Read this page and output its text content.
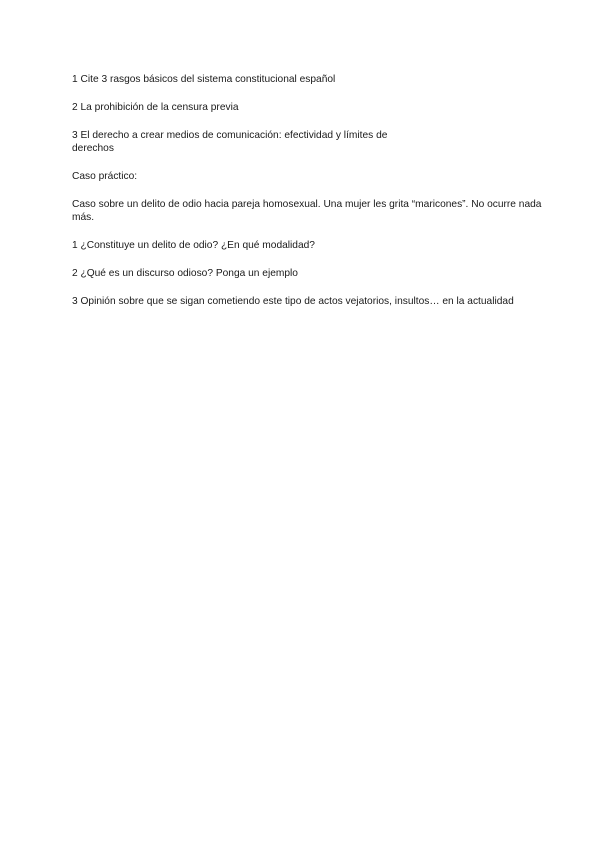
1 Cite 3 rasgos básicos del sistema constitucional español

2 La prohibición de la censura previa

3 El derecho a crear medios de comunicación: efectividad y límites de derechos

Caso práctico:

Caso sobre un delito de odio hacia pareja homosexual. Una mujer les grita “maricones”. No ocurre nada más.

1 ¿Constituye un delito de odio? ¿En qué modalidad?

2 ¿Qué es un discurso odioso? Ponga un ejemplo

3 Opinión sobre que se sigan cometiendo este tipo de actos vejatorios, insultos… en la actualidad
